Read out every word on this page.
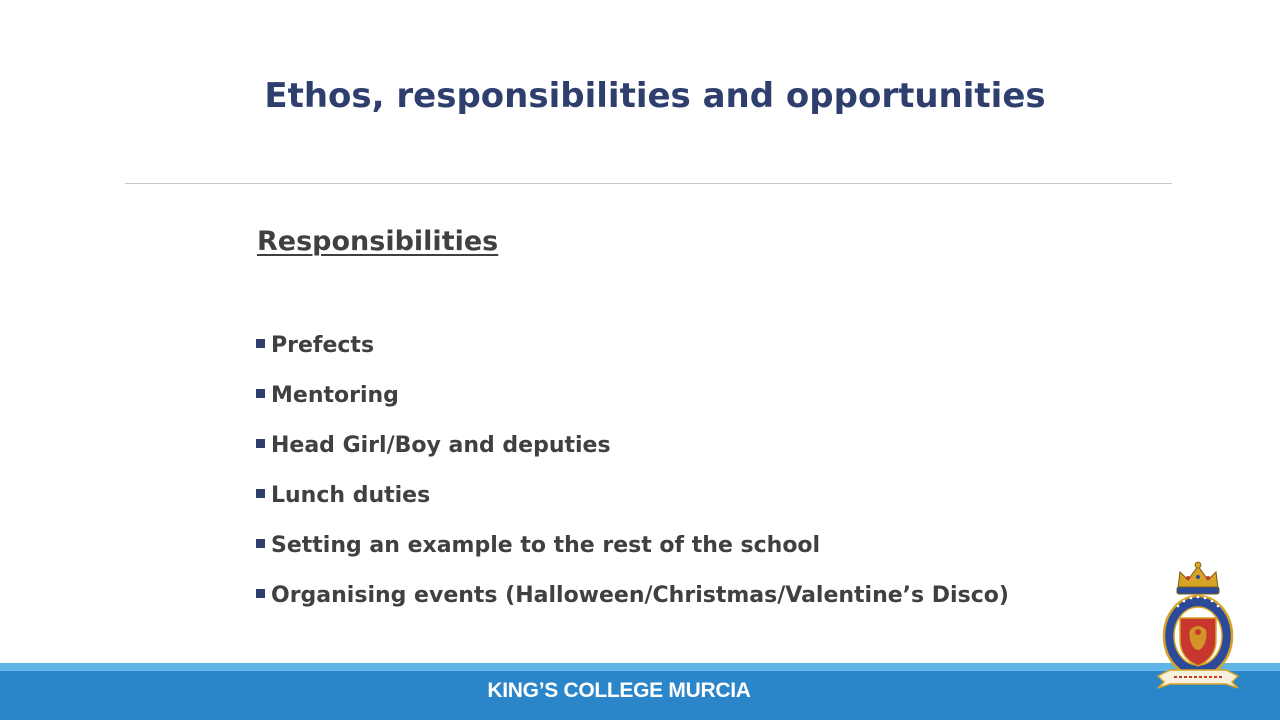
Ethos, responsibilities and opportunities
Responsibilities
Prefects
Mentoring
Head Girl/Boy and deputies
Lunch duties
Setting an example to the rest of the school
Organising events (Halloween/Christmas/Valentine’s Disco)
KING’S COLLEGE MURCIA
